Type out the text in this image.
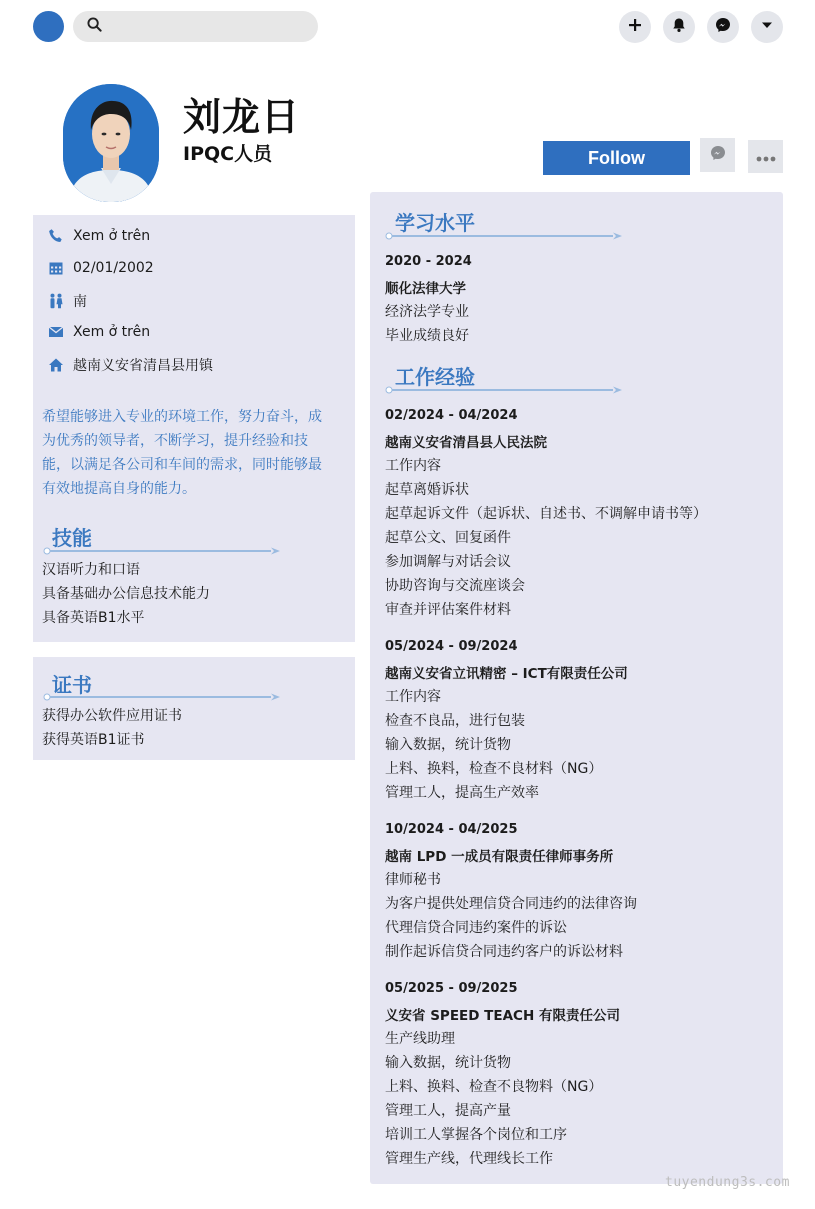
刘龙日
IPQC人员	Follow
Xem ở trên
02/01/2002
南
Xem ở trên
越南义安省清昌县用镇
希望能够进入专业的环境工作，努力奋斗，成为优秀的领导者，不断学习，提升经验和技能，以满足各公司和车间的需求，同时能够最有效地提高自身的能力。
技能
汉语听力和口语
具备基础办公信息技术能力
具备英语B1水平
证书
获得办公软件应用证书
获得英语B1证书
学习水平
2020 - 2024
顺化法律大学
经济法学专业
毕业成绩良好
工作经验
02/2024 - 04/2024
越南义安省清昌县人民法院
工作内容
起草离婚诉状
起草起诉文件（起诉状、自述书、不调解申请书等）
起草公文、回复函件
参加调解与对话会议
协助咨询与交流座谈会
审查并评估案件材料
05/2024 - 09/2024
越南义安省立讯精密 – ICT有限责任公司
工作内容
检查不良品，进行包装
输入数据，统计货物
上料、换料，检查不良材料（NG）
管理工人，提高生产效率
10/2024 - 04/2025
越南 LPD 一成员有限责任律师事务所
律师秘书
为客户提供处理信贷合同违约的法律咨询
代理信贷合同违约案件的诉讼
制作起诉信贷合同违约客户的诉讼材料
05/2025 - 09/2025
义安省 SPEED TEACH 有限责任公司
生产线助理
输入数据，统计货物
上料、换料、检查不良物料（NG）
管理工人，提高产量
培训工人掌握各个岗位和工序
管理生产线，代理线长工作
tuyendung3s.com
